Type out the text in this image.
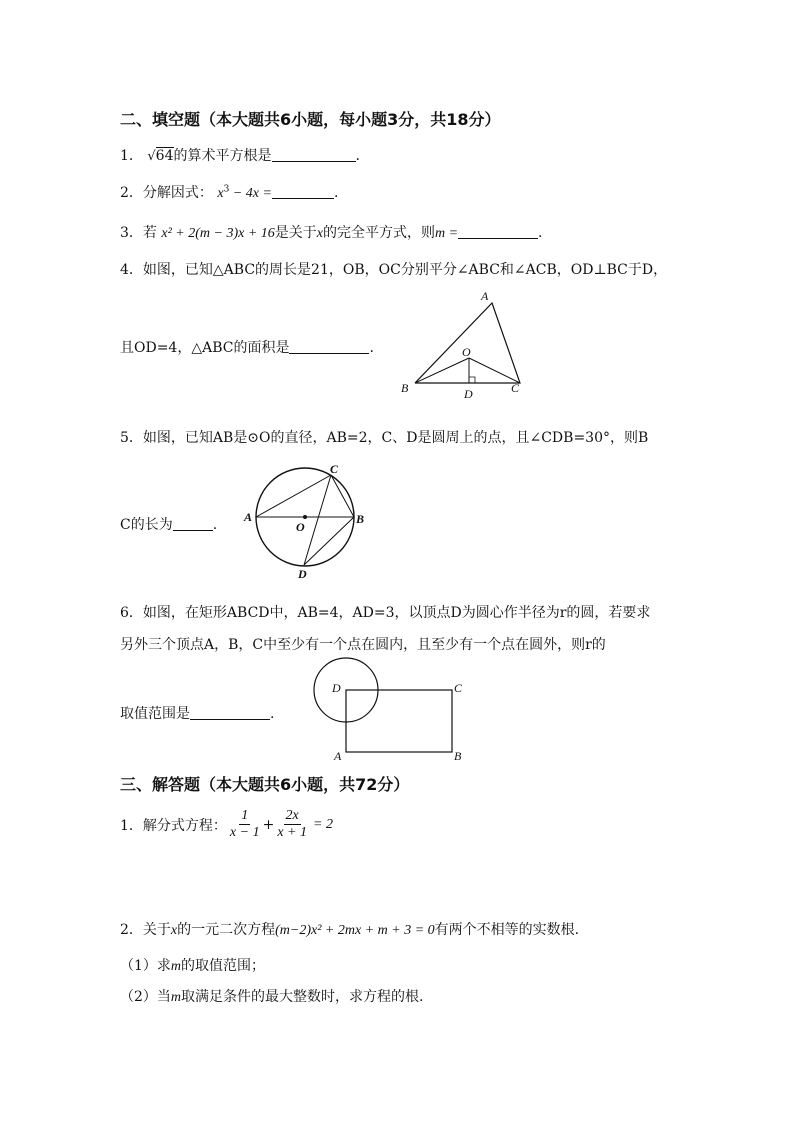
二、填空题（本大题共6小题，每小题3分，共18分）
1． √64的算术平方根是	.
2．分解因式： $x^3 - 4x$ =	.
3．若 x² + 2(m − 3)x + 16是关于x的完全平方式，则m =	.
4．如图，已知△ABC的周长是21，OB，OC分别平分∠ABC和∠ACB，OD⊥BC于D，
且OD=4，△ABC的面积是	.
A
B	C
O
D
5．如图，已知AB是⊙O的直径，AB=2，C、D是圆周上的点，且∠CDB=30°，则B
C的长为	. A	B
C
O
D
6．如图，在矩形ABCD中，AB=4，AD=3，以顶点D为圆心作半径为r的圆，若要求
另外三个顶点A，B，C中至少有一个点在圆内，且至少有一个点在圆外，则r的
取值范围是	.
D	C
A	B
三、解答题（本大题共6小题，共72分）
1．解分式方程： $\frac{1}{x - 1} + \frac{2x}{x + 1} = 2$
2．关于x的一元二次方程(m−2)x² + 2mx + m + 3 = 0有两个不相等的实数根.
（1）求m的取值范围；
（2）当m取满足条件的最大整数时，求方程的根.
